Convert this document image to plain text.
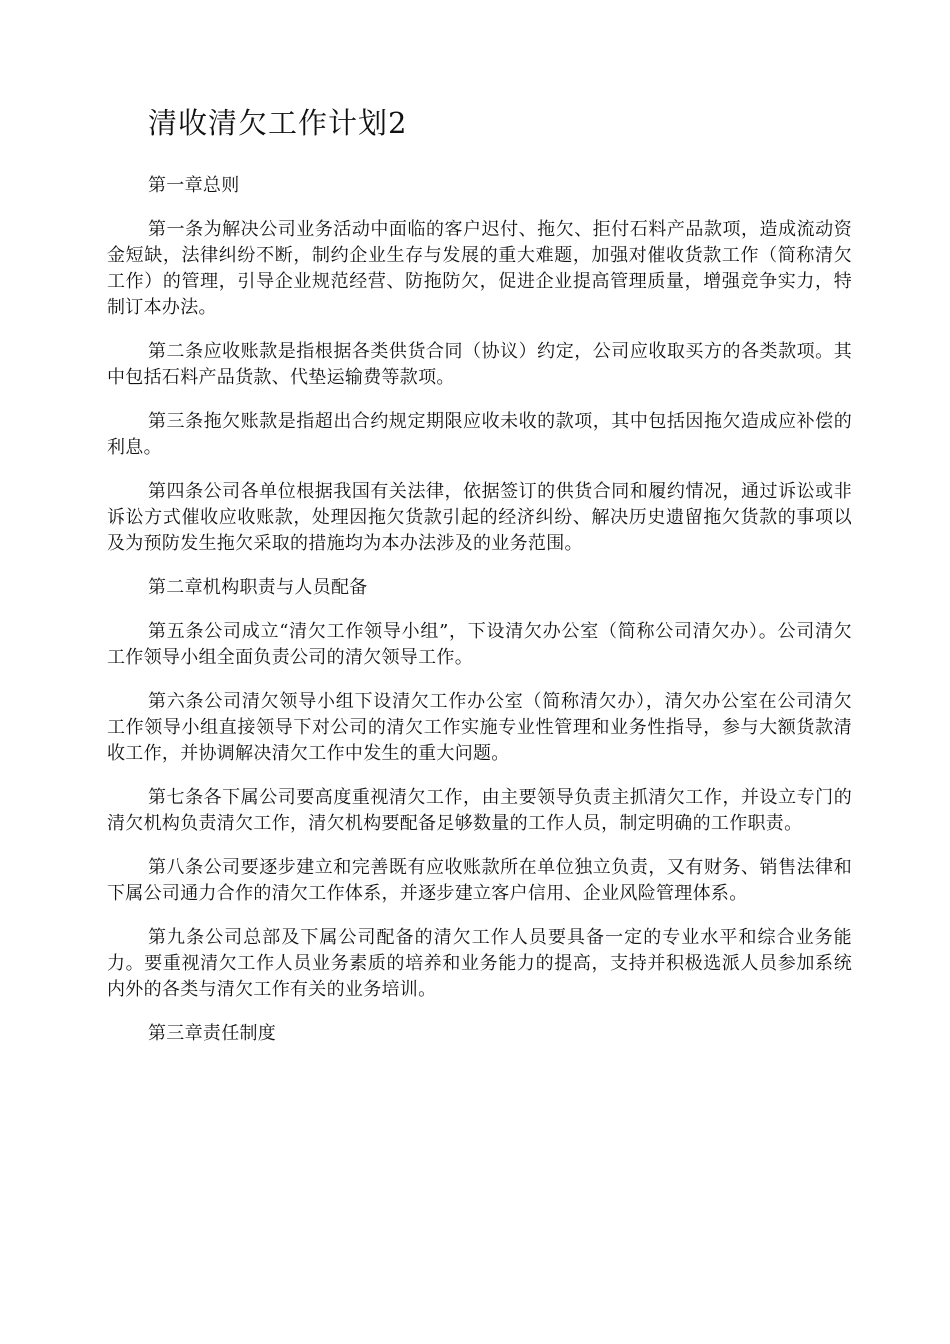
清收清欠工作计划2

第一章总则

第一条为解决公司业务活动中面临的客户迟付、拖欠、拒付石料产品款项，造成流动资金短缺，法律纠纷不断，制约企业生存与发展的重大难题，加强对催收货款工作（简称清欠工作）的管理，引导企业规范经营、防拖防欠，促进企业提高管理质量，增强竞争实力，特制订本办法。

第二条应收账款是指根据各类供货合同（协议）约定，公司应收取买方的各类款项。其中包括石料产品货款、代垫运输费等款项。

第三条拖欠账款是指超出合约规定期限应收未收的款项，其中包括因拖欠造成应补偿的利息。

第四条公司各单位根据我国有关法律，依据签订的供货合同和履约情况，通过诉讼或非诉讼方式催收应收账款，处理因拖欠货款引起的经济纠纷、解决历史遗留拖欠货款的事项以及为预防发生拖欠采取的措施均为本办法涉及的业务范围。

第二章机构职责与人员配备

第五条公司成立“清欠工作领导小组”，下设清欠办公室（简称公司清欠办）。公司清欠工作领导小组全面负责公司的清欠领导工作。

第六条公司清欠领导小组下设清欠工作办公室（简称清欠办），清欠办公室在公司清欠工作领导小组直接领导下对公司的清欠工作实施专业性管理和业务性指导，参与大额货款清收工作，并协调解决清欠工作中发生的重大问题。

第七条各下属公司要高度重视清欠工作，由主要领导负责主抓清欠工作，并设立专门的清欠机构负责清欠工作，清欠机构要配备足够数量的工作人员，制定明确的工作职责。

第八条公司要逐步建立和完善既有应收账款所在单位独立负责，又有财务、销售法律和下属公司通力合作的清欠工作体系，并逐步建立客户信用、企业风险管理体系。

第九条公司总部及下属公司配备的清欠工作人员要具备一定的专业水平和综合业务能力。要重视清欠工作人员业务素质的培养和业务能力的提高，支持并积极选派人员参加系统内外的各类与清欠工作有关的业务培训。

第三章责任制度
